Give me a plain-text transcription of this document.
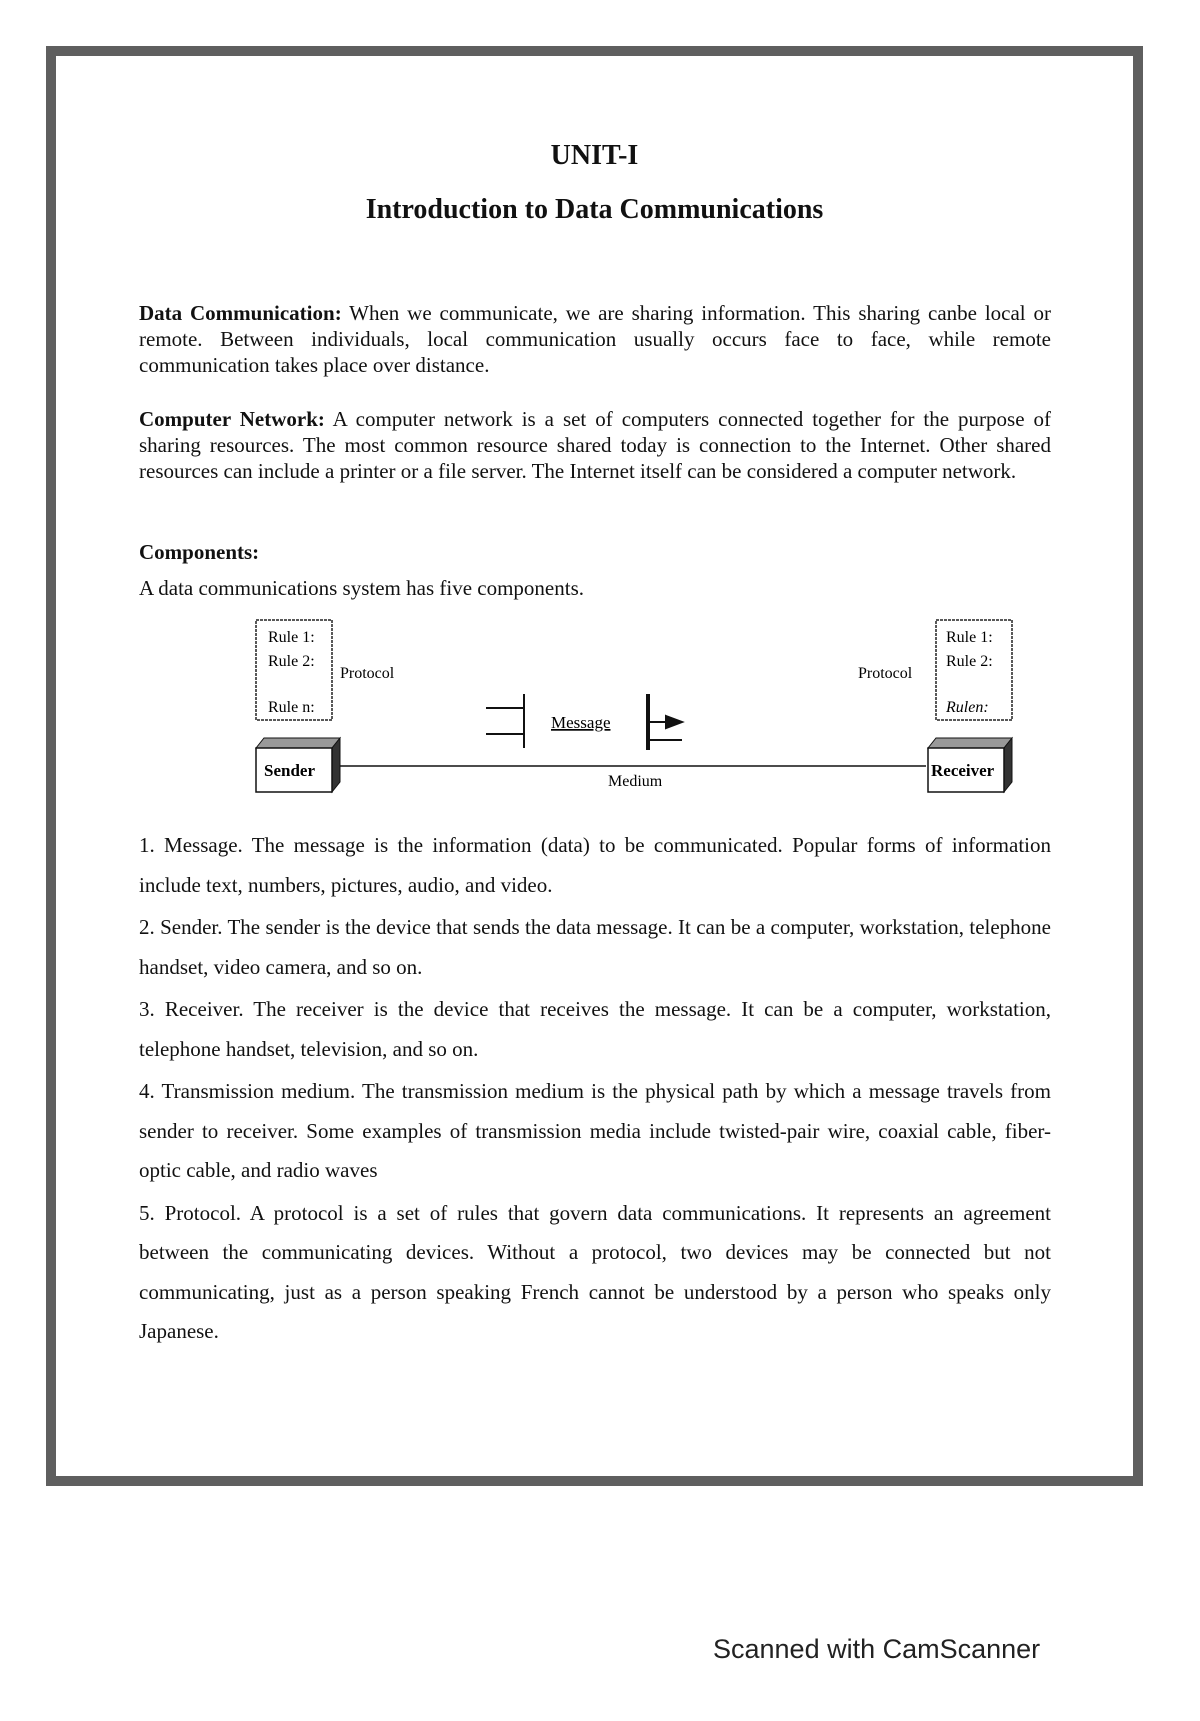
UNIT-I
Introduction to Data Communications
Data Communication: When we communicate, we are sharing information. This sharing canbe local or remote. Between individuals, local communication usually occurs face to face, while remote communication takes place over distance.
Computer Network: A computer network is a set of computers connected together for the purpose of sharing resources. The most common resource shared today is connection to the Internet. Other shared resources can include a printer or a file server. The Internet itself can be considered a computer network.
Components:
A data communications system has five components.
Rule 1:
Rule 2:
Rule n:
Protocol
Rule 1:
Rule 2:
Rulen:
Protocol
Message
Medium
Sender	Receiver
1. Message. The message is the information (data) to be communicated. Popular forms of information include text, numbers, pictures, audio, and video.
2. Sender. The sender is the device that sends the data message. It can be a computer, workstation, telephone handset, video camera, and so on.
3. Receiver. The receiver is the device that receives the message. It can be a computer, workstation, telephone handset, television, and so on.
4. Transmission medium. The transmission medium is the physical path by which a message travels from sender to receiver. Some examples of transmission media include twisted-pair wire, coaxial cable, fiber-optic cable, and radio waves
5. Protocol. A protocol is a set of rules that govern data communications. It represents an agreement between the communicating devices. Without a protocol, two devices may be connected but not communicating, just as a person speaking French cannot be understood by a person who speaks only Japanese.
Scanned with CamScanner
